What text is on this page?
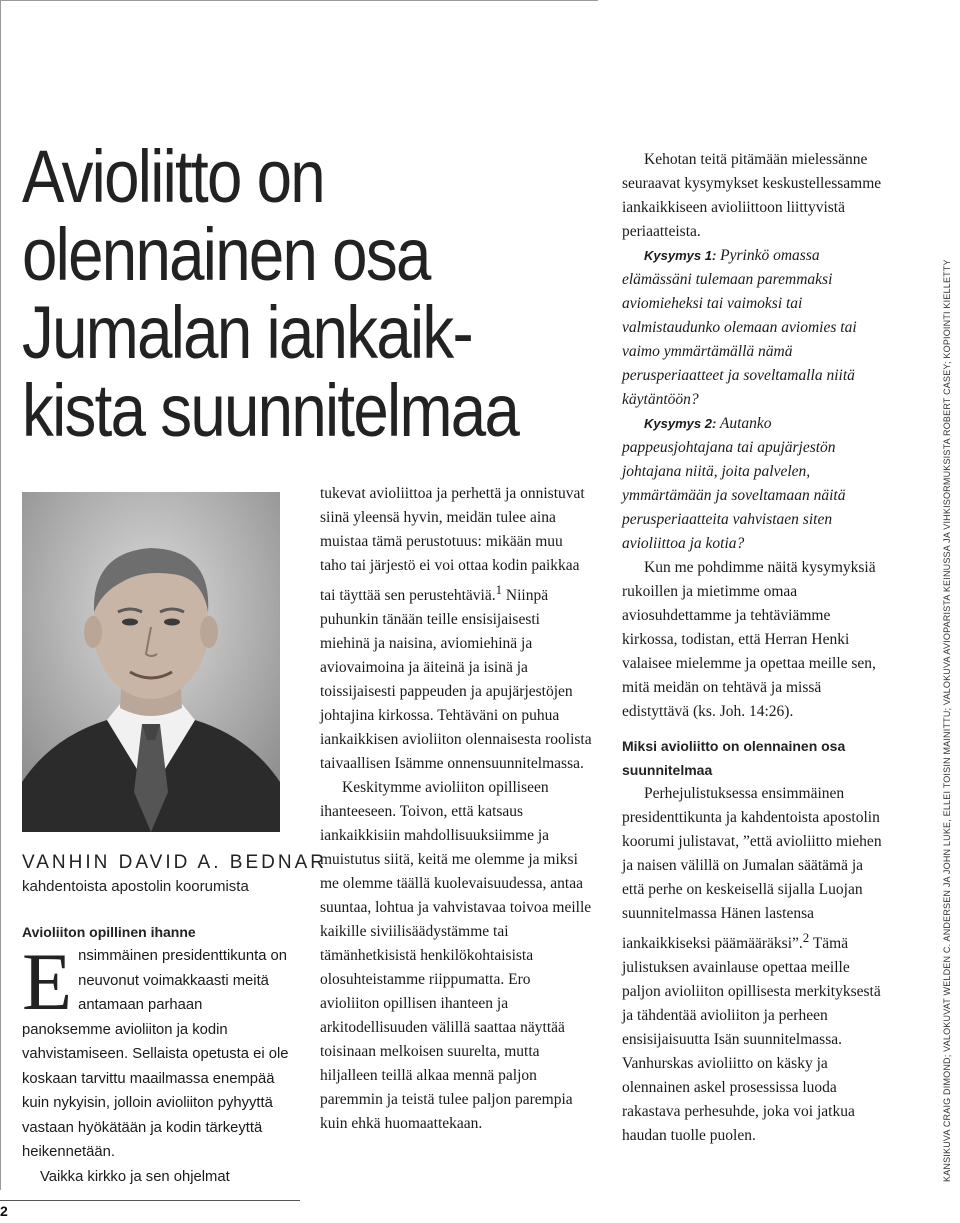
Avioliitto on
olennainen osa
Jumalan iankaik-
kista suunnitelmaa
VANHIN DAVID A. BEDNAR

kahdentoista apostolin koorumista

Avioliiton opillinen ihanne

Ensimmäinen presidenttikunta on neuvonut voimakkaasti meitä antamaan parhaan panoksemme avioliiton ja kodin vahvistamiseen. Sellaista opetusta ei ole koskaan tarvittu maailmassa enempää kuin nykyisin, jolloin avioliiton pyhyyttä vastaan hyökätään ja kodin tärkeyttä heikennetään.

Vaikka kirkko ja sen ohjelmat

tukevat avioliittoa ja perhettä ja onnistuvat siinä yleensä hyvin, meidän tulee aina muistaa tämä perustotuus: mikään muu taho tai järjestö ei voi ottaa kodin paikkaa tai täyttää sen perustehtäviä.$^1$ Niinpä puhunkin tänään teille ensisijaisesti miehinä ja naisina, aviomiehinä ja aviovaimoina ja äiteinä ja isinä ja toissijaisesti pappeuden ja apujärjestöjen johtajina kirkossa. Tehtäväni on puhua iankaikkisen avioliiton olennaisesta roolista taivaallisen Isämme onnensuunnitelmassa.

Keskitymme avioliiton opilliseen ihanteeseen. Toivon, että katsaus iankaikkisiin mahdollisuuksiimme ja muistutus siitä, keitä me olemme ja miksi me olemme täällä kuolevaisuudessa, antaa suuntaa, lohtua ja vahvistavaa toivoa meille kaikille siviilisäädystämme tai tämänhetkisistä henkilökohtaisista olosuhteistamme riippumatta. Ero avioliiton opillisen ihanteen ja arkitodellisuuden välillä saattaa näyttää toisinaan melkoisen suurelta, mutta hiljalleen teillä alkaa mennä paljon paremmin ja teistä tulee paljon parempia kuin ehkä huomaattekaan.

Kehotan teitä pitämään mielessänne seuraavat kysymykset keskustellessamme iankaikkiseen avioliittoon liittyvistä periaatteista.

Kysymys 1: Pyrinkö omassa elämässäni tulemaan paremmaksi aviomieheksi tai vaimoksi tai valmistaudunko olemaan aviomies tai vaimo ymmärtämällä nämä perusperiaatteet ja soveltamalla niitä käytäntöön?

Kysymys 2: Autanko pappeusjohtajana tai apujärjestön johtajana niitä, joita palvelen, ymmärtämään ja soveltamaan näitä perusperiaatteita vahvistaen siten avioliittoa ja kotia?

Kun me pohdimme näitä kysymyksiä rukoillen ja mietimme omaa aviosuhdettamme ja tehtäviämme kirkossa, todistan, että Herran Henki valaisee mielemme ja opettaa meille sen, mitä meidän on tehtävä ja missä edistyttävä (ks. Joh. 14:26).

Miksi avioliitto on olennainen osa suunnitelmaa

Perhejulistuksessa ensimmäinen presidenttikunta ja kahdentoista apostolin koorumi julistavat, ”että avioliitto miehen ja naisen välillä on Jumalan säätämä ja että perhe on keskeisellä sijalla Luojan suunnitelmassa Hänen lastensa iankaikkiseksi päämääräksi”.$^2$ Tämä julistuksen avainlause opettaa meille paljon avioliiton opillisesta merkityksestä ja tähdentää avioliiton ja perheen ensisijaisuutta Isän suunnitelmassa. Vanhurskas avioliitto on käsky ja olennainen askel prosessissa luoda rakastava perhesuhde, joka voi jatkua haudan tuolle puolen.	KANSIKUVA CRAIG DIMOND; VALOKUVAT WELDEN C. ANDERSEN JA JOHN LUKE, ELLEI TOISIN MAINITTU; VALOKUVA AVIOPARISTA KEINUSSA JA VIHKISORMUKSISTA ROBERT CASEY; KOPIOINTI KIELLETTY
2
